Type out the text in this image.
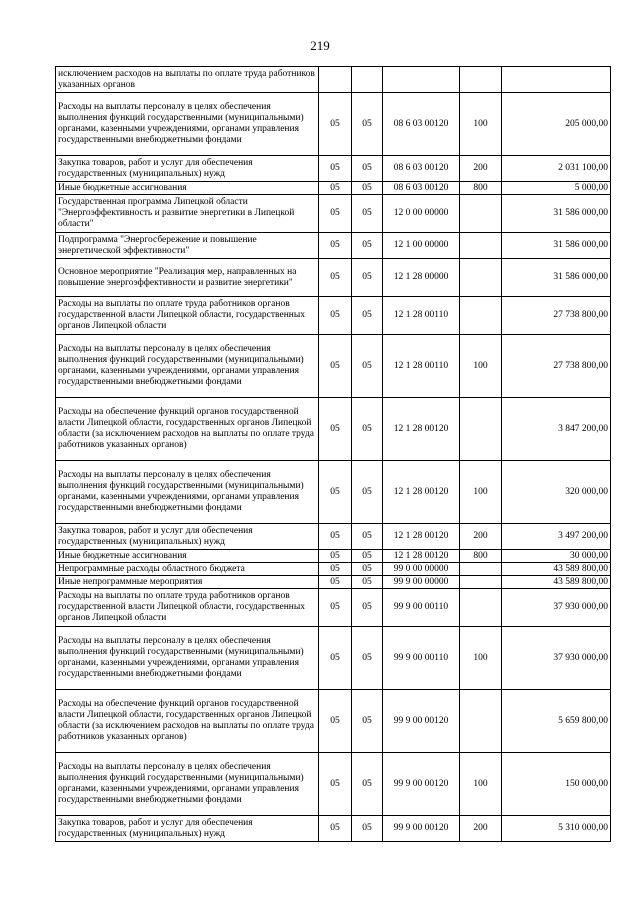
219
исключением расходов на выплаты по оплате труда работников указанных органов					
Расходы на выплаты персоналу в целях обеспечения выполнения функций государственными (муниципальными) органами, казенными учреждениями, органами управления государственными внебюджетными фондами	05	05	08 6 03 00120	100	205 000,00
Закупка товаров, работ и услуг для обеспечения государственных (муниципальных) нужд	05	05	08 6 03 00120	200	2 031 100,00
Иные бюджетные ассигнования	05	05	08 6 03 00120	800	5 000,00
Государственная программа Липецкой области "Энергоэффективность и развитие энергетики в Липецкой области"	05	05	12 0 00 00000		31 586 000,00
Подпрограмма "Энергосбережение и повышение энергетической эффективности"	05	05	12 1 00 00000		31 586 000,00
Основное мероприятие "Реализация мер, направленных на повышение энергоэффективности и развитие энергетики"	05	05	12 1 28 00000		31 586 000,00
Расходы на выплаты по оплате труда работников органов государственной власти Липецкой области, государственных органов Липецкой области	05	05	12 1 28 00110		27 738 800,00
Расходы на выплаты персоналу в целях обеспечения выполнения функций государственными (муниципальными) органами, казенными учреждениями, органами управления государственными внебюджетными фондами	05	05	12 1 28 00110	100	27 738 800,00
Расходы на обеспечение функций органов государственной власти Липецкой области, государственных органов Липецкой области (за исключением расходов на выплаты по оплате труда работников указанных органов)	05	05	12 1 28 00120		3 847 200,00
Расходы на выплаты персоналу в целях обеспечения выполнения функций государственными (муниципальными) органами, казенными учреждениями, органами управления государственными внебюджетными фондами	05	05	12 1 28 00120	100	320 000,00
Закупка товаров, работ и услуг для обеспечения государственных (муниципальных) нужд	05	05	12 1 28 00120	200	3 497 200,00
Иные бюджетные ассигнования	05	05	12 1 28 00120	800	30 000,00
Непрограммные расходы областного бюджета	05	05	99 0 00 00000		43 589 800,00
Иные непрограммные мероприятия	05	05	99 9 00 00000		43 589 800,00
Расходы на выплаты по оплате труда работников органов государственной власти Липецкой области, государственных органов Липецкой области	05	05	99 9 00 00110		37 930 000,00
Расходы на выплаты персоналу в целях обеспечения выполнения функций государственными (муниципальными) органами, казенными учреждениями, органами управления государственными внебюджетными фондами	05	05	99 9 00 00110	100	37 930 000,00
Расходы на обеспечение функций органов государственной власти Липецкой области, государственных органов Липецкой области (за исключением расходов на выплаты по оплате труда работников указанных органов)	05	05	99 9 00 00120		5 659 800,00
Расходы на выплаты персоналу в целях обеспечения выполнения функций государственными (муниципальными) органами, казенными учреждениями, органами управления государственными внебюджетными фондами	05	05	99 9 00 00120	100	150 000,00
Закупка товаров, работ и услуг для обеспечения государственных (муниципальных) нужд	05	05	99 9 00 00120	200	5 310 000,00
